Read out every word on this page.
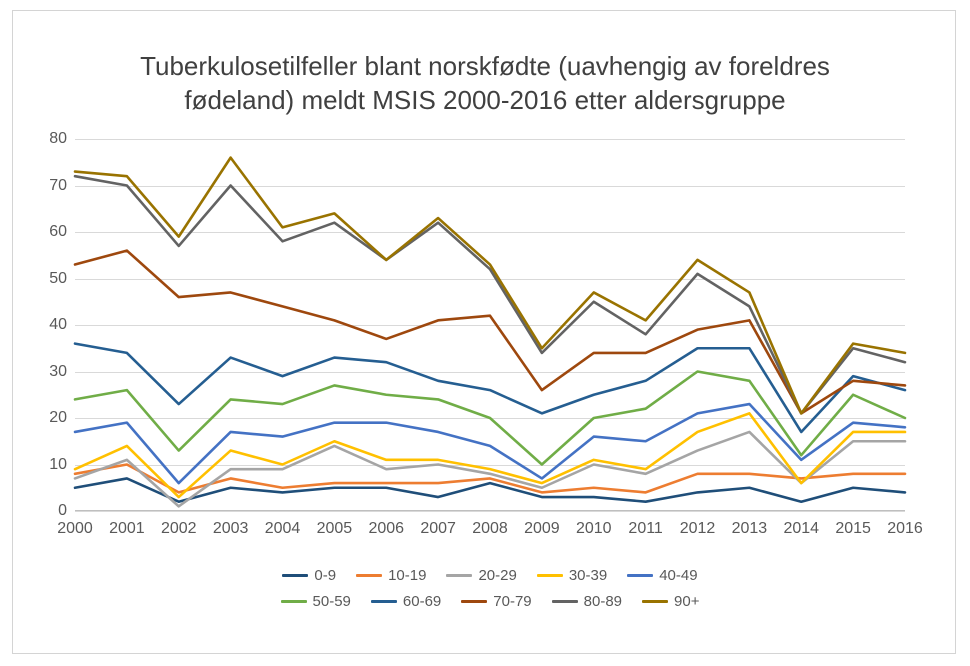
Tuberkulosetilfeller blant norskfødte (uavhengig av foreldres
fødeland) meldt MSIS 2000-2016 etter aldersgruppe
0
10
20
30
40
50
60
70
80
2000 2001 2002 2003 2004 2005 2006 2007 2008 2009 2010 2011 2012 2013 2014 2015 2016
0-9	10-19	20-29	30-39	40-49
50-59	60-69	70-79	80-89	90+
